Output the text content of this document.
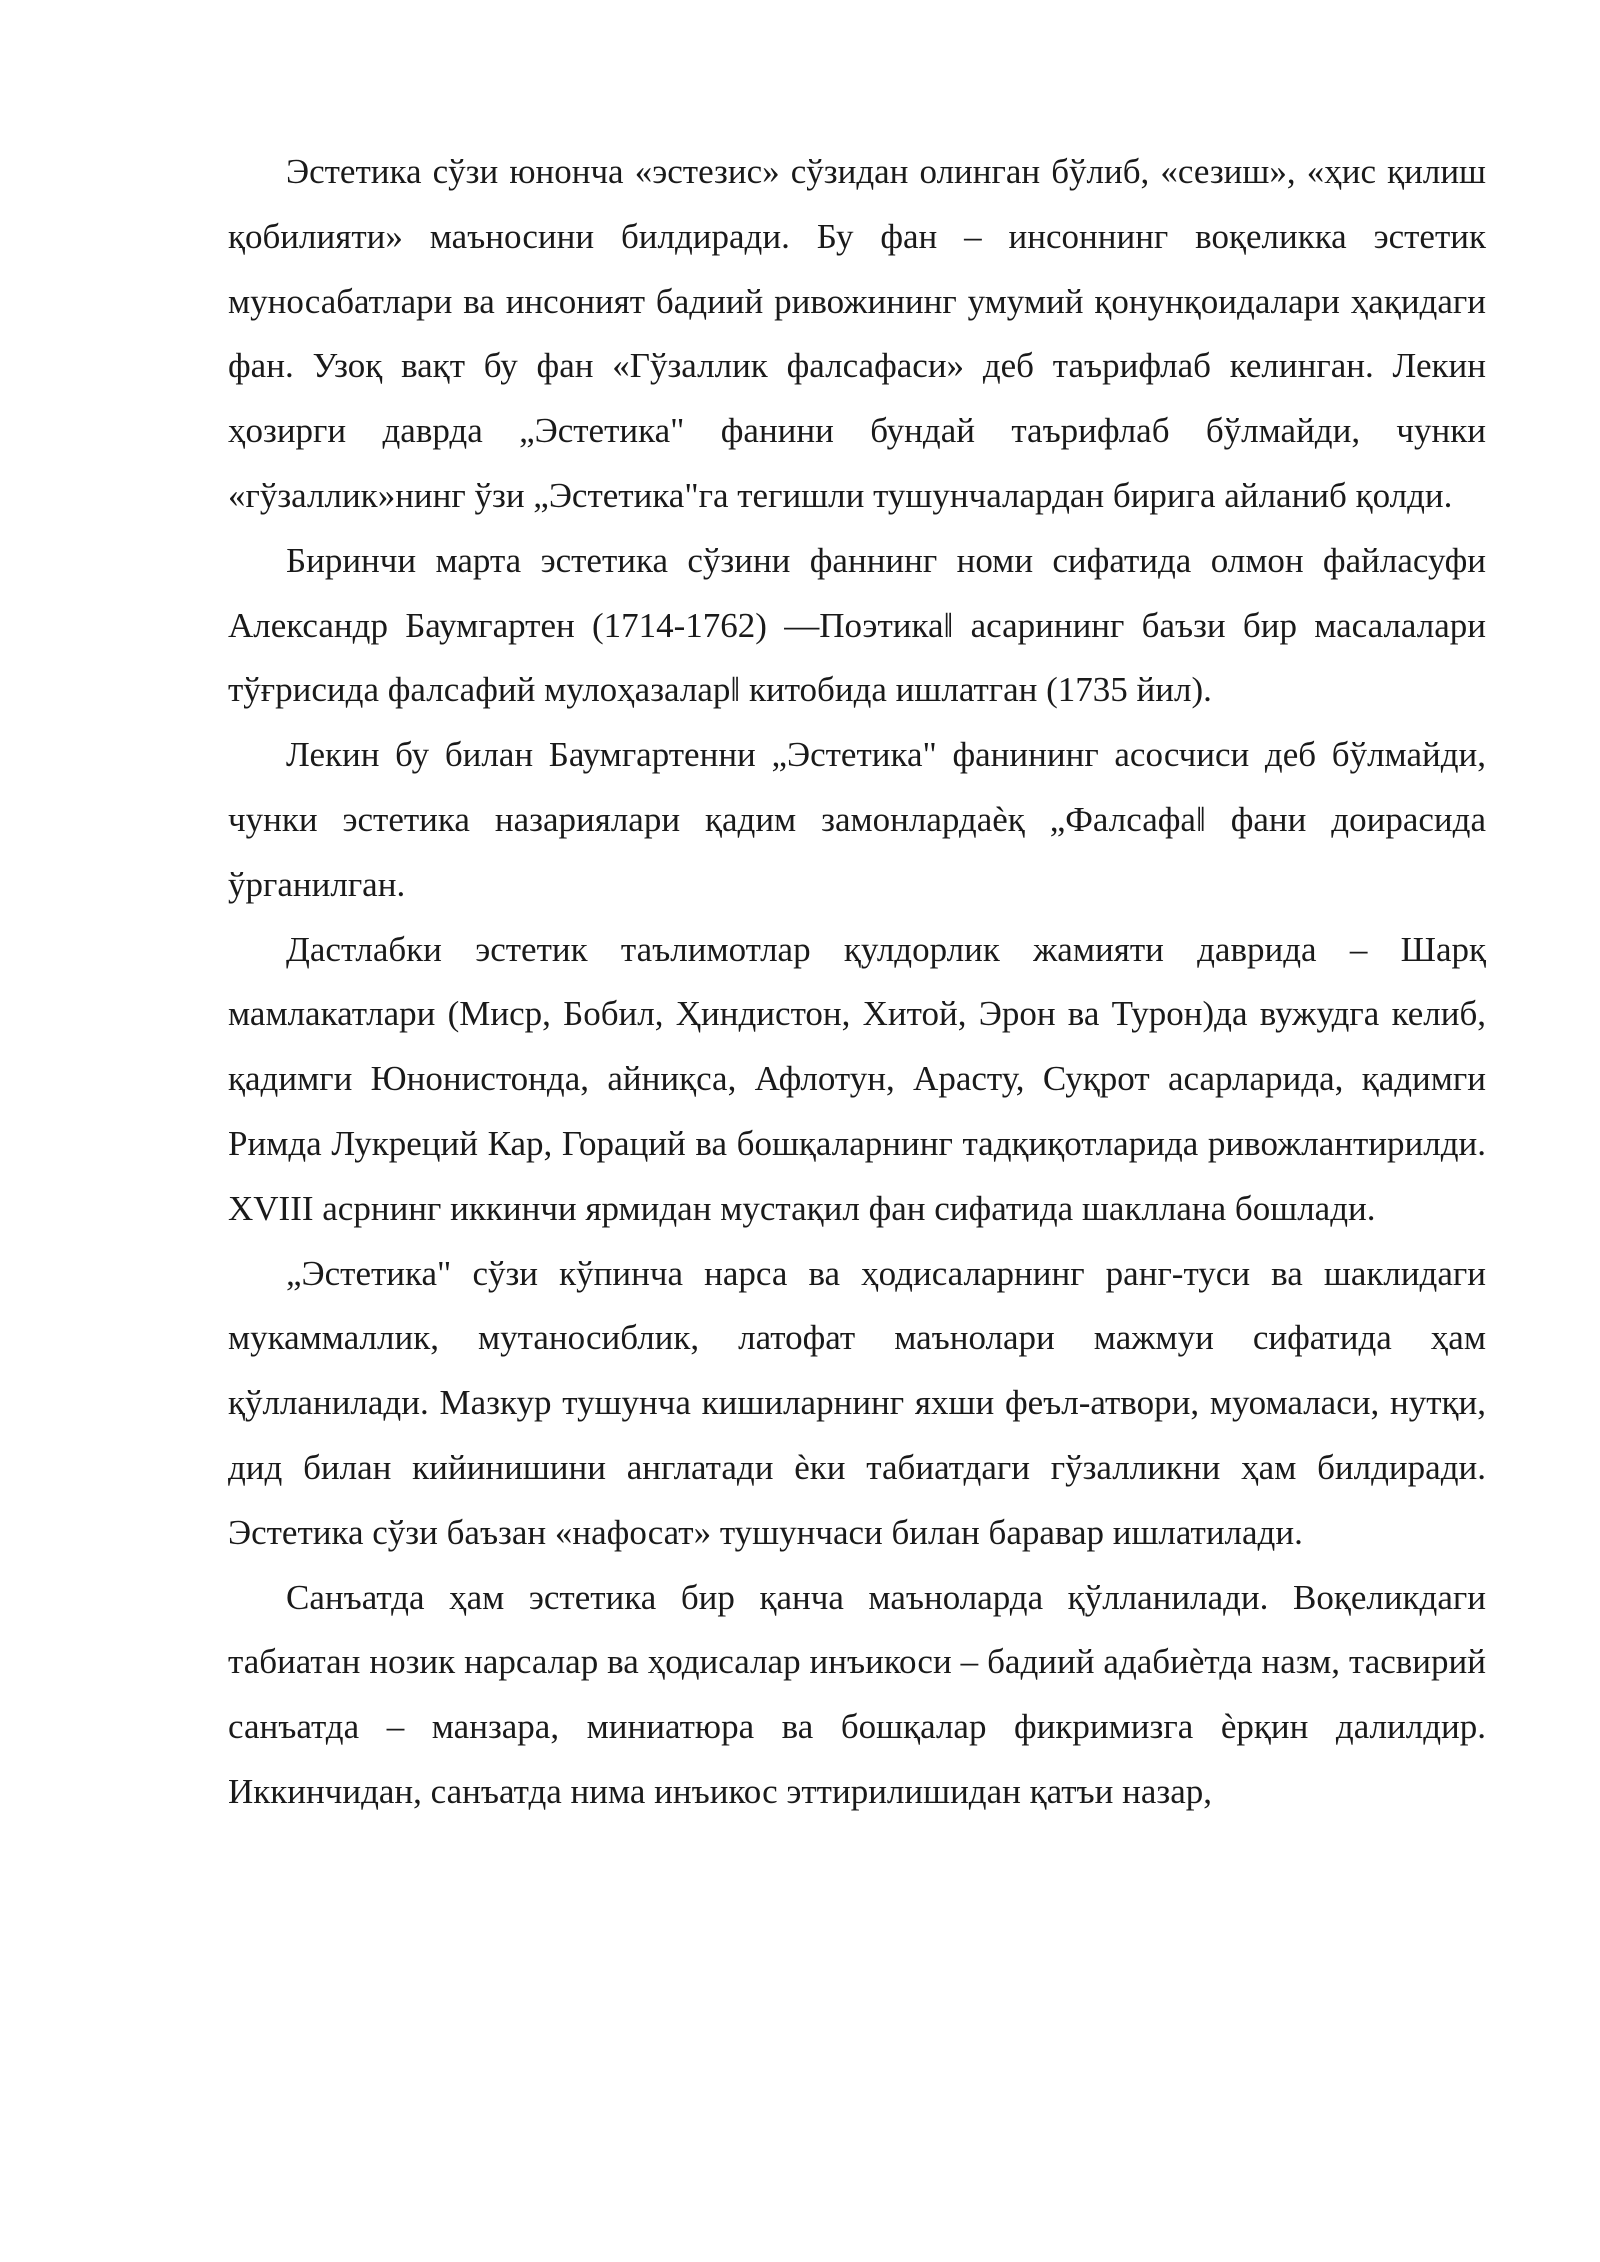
Эстетика сўзи юнонча «эстезис» сўзидан олинган бўлиб, «сезиш», «ҳис қилиш қобилияти» маъносини билдиради. Бу фан – инсоннинг воқеликка эстетик муносабатлари ва инсоният бадиий ривожининг умумий қонунқоидалари ҳақидаги фан. Узоқ вақт бу фан «Гўзаллик фалсафаси» деб таърифлаб келинган. Лекин ҳозирги даврда „Эстетика" фанини бундай таърифлаб бўлмайди, чунки «гўзаллик»нинг ўзи „Эстетика"га тегишли тушунчалардан бирига айланиб қолди.

Биринчи марта эстетика сўзини фаннинг номи сифатида олмон файласуфи Александр Баумгартен (1714-1762) ―Поэтика‖ асарининг баъзи бир масалалари тўғрисида фалсафий мулоҳазалар‖ китобида ишлатган (1735 йил).

Лекин бу билан Баумгартенни „Эстетика" фанининг асосчиси деб бўлмайди, чунки эстетика назариялари қадим замонлардаѐқ „Фалсафа‖ фани доирасида ўрганилган.

Дастлабки эстетик таълимотлар қулдорлик жамияти даврида – Шарқ мамлакатлари (Миср, Бобил, Ҳиндистон, Хитой, Эрон ва Турон)да вужудга келиб, қадимги Юнонистонда, айниқса, Афлотун, Арасту, Суқрот асарларида, қадимги Римда Лукреций Кар, Гораций ва бошқаларнинг тадқиқотларида ривожлантирилди. XVIII асрнинг иккинчи ярмидан мустақил фан сифатида шакллана бошлади.

„Эстетика" сўзи кўпинча нарса ва ҳодисаларнинг ранг-туси ва шаклидаги мукаммаллик, мутаносиблик, латофат маънолари мажмуи сифатида ҳам қўлланилади. Мазкур тушунча кишиларнинг яхши феъл-атвори, муомаласи, нутқи, дид билан кийинишини англатади ѐки табиатдаги гўзалликни ҳам билдиради. Эстетика сўзи баъзан «нафосат» тушунчаси билан баравар ишлатилади.

Санъатда ҳам эстетика бир қанча маъноларда қўлланилади. Воқеликдаги табиатан нозик нарсалар ва ҳодисалар инъикоси – бадиий адабиѐтда назм, тасвирий санъатда – манзара, миниатюра ва бошқалар фикримизга ѐрқин далилдир. Иккинчидан, санъатда нима инъикос эттирилишидан қатъи назар,
